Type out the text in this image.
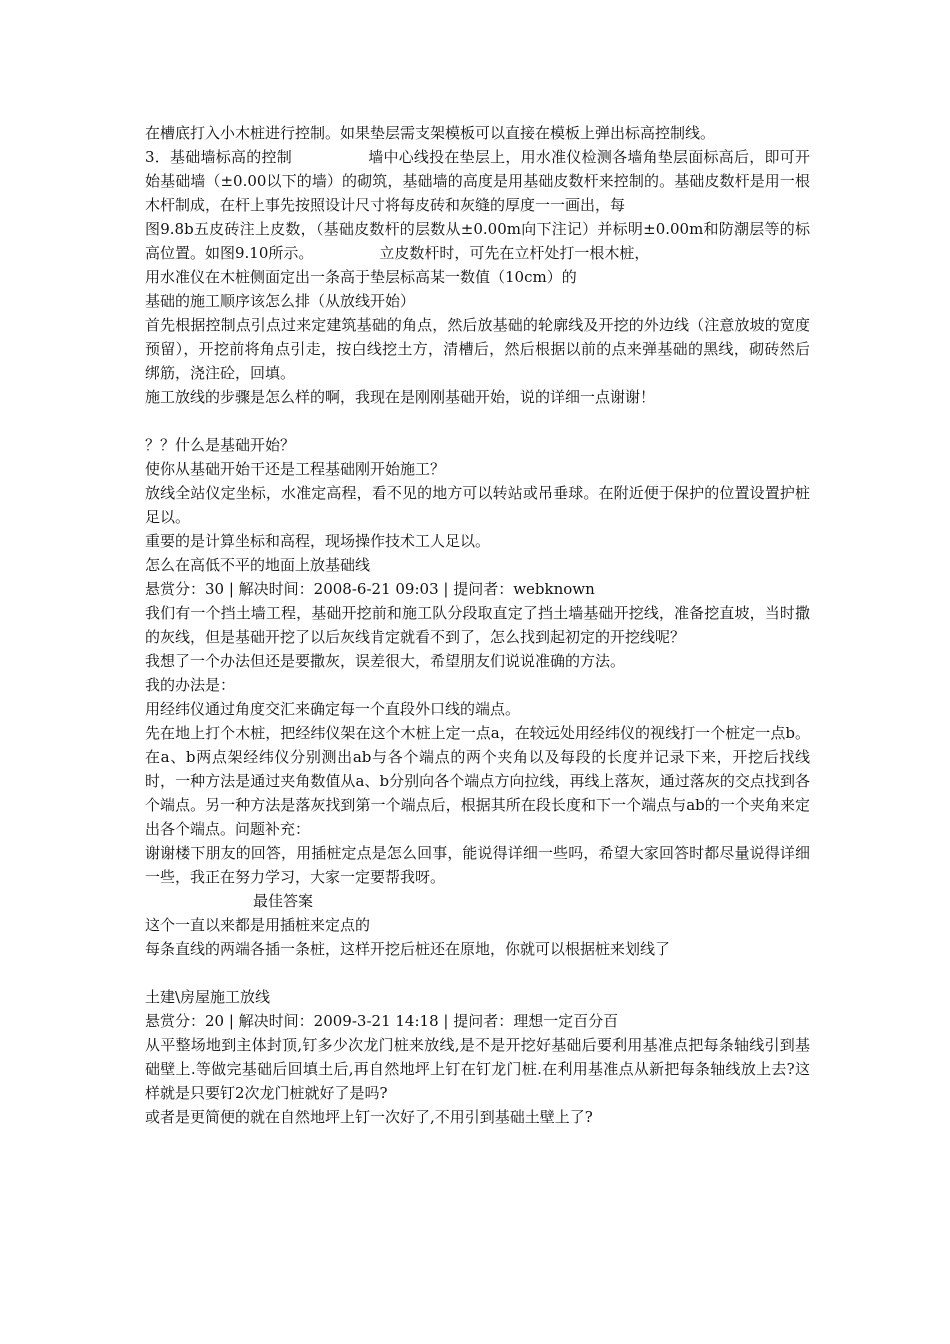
在槽底打入小木桩进行控制。如果垫层需支架模板可以直接在模板上弹出标高控制线。

3．基础墙标高的控制	墙中心线投在垫层上，用水准仪检测各墙角垫层面标高后，即可开始基础墙（±0.00以下的墙）的砌筑，基础墙的高度是用基础皮数杆来控制的。基础皮数杆是用一根木杆制成，在杆上事先按照设计尺寸将每皮砖和灰缝的厚度一一画出，每

图9.8b五皮砖注上皮数，（基础皮数杆的层数从±0.00m向下注记）并标明±0.00m和防潮层等的标高位置。如图9.10所示。	立皮数杆时，可先在立杆处打一根木桩，

用水准仪在木桩侧面定出一条高于垫层标高某一数值（10cm）的

基础的施工顺序该怎么排（从放线开始）

首先根据控制点引点过来定建筑基础的角点，然后放基础的轮廓线及开挖的外边线（注意放坡的宽度预留），开挖前将角点引走，按白线挖土方，清槽后，然后根据以前的点来弹基础的黑线，砌砖然后绑筋，浇注砼，回填。

施工放线的步骤是怎么样的啊，我现在是刚刚基础开始，说的详细一点谢谢！

？？什么是基础开始？

使你从基础开始干还是工程基础刚开始施工？

放线全站仪定坐标，水准定高程，看不见的地方可以转站或吊垂球。在附近便于保护的位置设置护桩足以。

重要的是计算坐标和高程，现场操作技术工人足以。

怎么在高低不平的地面上放基础线

悬赏分：30 | 解决时间：2008-6-21 09:03 | 提问者：webknown

我们有一个挡土墙工程，基础开挖前和施工队分段取直定了挡土墙基础开挖线，准备挖直坡，当时撒的灰线，但是基础开挖了以后灰线肯定就看不到了，怎么找到起初定的开挖线呢？

我想了一个办法但还是要撒灰，误差很大，希望朋友们说说准确的方法。

我的办法是：

用经纬仪通过角度交汇来确定每一个直段外口线的端点。

先在地上打个木桩，把经纬仪架在这个木桩上定一点a，在较远处用经纬仪的视线打一个桩定一点b。在a、b两点架经纬仪分别测出ab与各个端点的两个夹角以及每段的长度并记录下来，开挖后找线时，一种方法是通过夹角数值从a、b分别向各个端点方向拉线，再线上落灰，通过落灰的交点找到各个端点。另一种方法是落灰找到第一个端点后，根据其所在段长度和下一个端点与ab的一个夹角来定出各个端点。问题补充：

谢谢楼下朋友的回答，用插桩定点是怎么回事，能说得详细一些吗，希望大家回答时都尽量说得详细一些，我正在努力学习，大家一定要帮我呀。

最佳答案

这个一直以来都是用插桩来定点的

每条直线的两端各插一条桩，这样开挖后桩还在原地，你就可以根据桩来划线了

土建\房屋施工放线

悬赏分：20 | 解决时间：2009-3-21 14:18 | 提问者：理想一定百分百

从平整场地到主体封顶,钉多少次龙门桩来放线,是不是开挖好基础后要利用基准点把每条轴线引到基础壁上.等做完基础后回填土后,再自然地坪上钉在钉龙门桩.在利用基准点从新把每条轴线放上去?这样就是只要钉2次龙门桩就好了是吗?

或者是更简便的就在自然地坪上钉一次好了,不用引到基础土壁上了?
